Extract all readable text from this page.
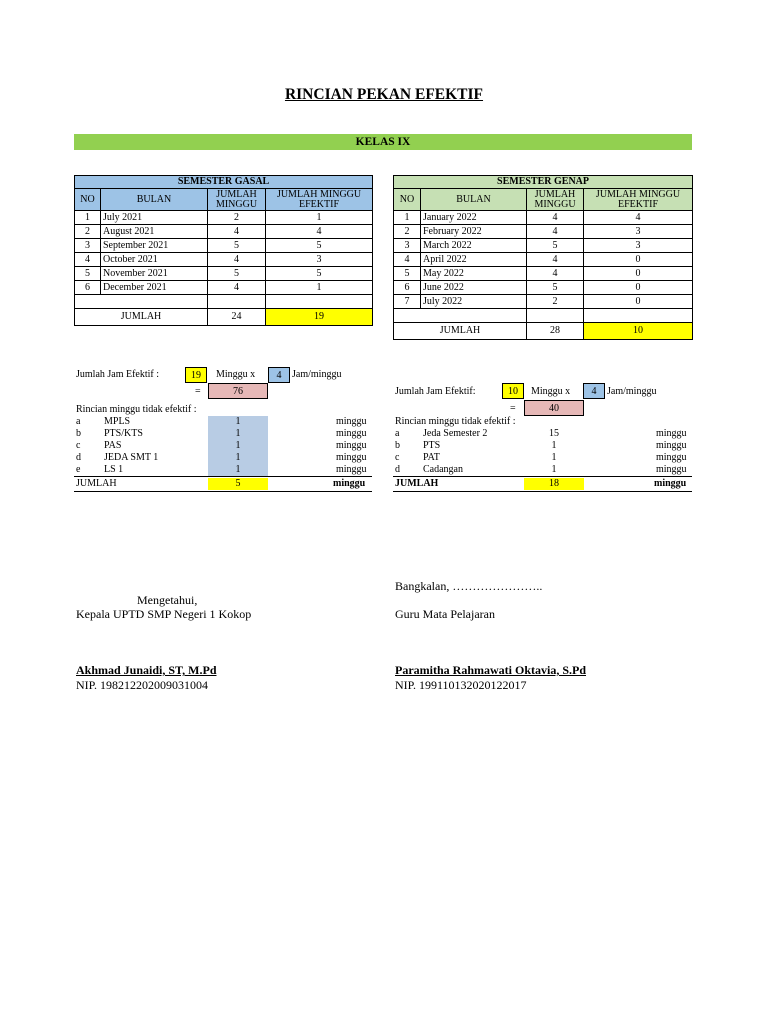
RINCIAN PEKAN EFEKTIF
KELAS IX
SEMESTER GASAL			
NO	BULAN	JUMLAH MINGGU	JUMLAH MINGGU EFEKTIF
1	July 2021	2	1
2	August 2021	4	4
3	September 2021	5	5
4	October 2021	4	3
5	November 2021	5	5
6	December 2021	4	1

JUMLAH		24	19
SEMESTER GENAP			
NO	BULAN	JUMLAH MINGGU	JUMLAH MINGGU EFEKTIF
1	January 2022	4	4
2	February 2022	4	3
3	March 2022	5	3
4	April 2022	4	0
5	May 2022	4	0
6	June 2022	5	0
7	July 2022	2	0

JUMLAH		28	10
Jumlah Jam Efektif :	19	Minggu x	4	Jam/minggu
=	76
Rincian minggu tidak efektif :
a MPLS	1	minggu
b PTS/KTS	1	minggu
c PAS	1	minggu
d JEDA SMT 1	1	minggu
e LS 1	1	minggu
JUMLAH	5	minggu
Jumlah Jam Efektif:	10	Minggu x	4	Jam/minggu
=	40
Rincian minggu tidak efektif :
a Jeda Semester 2	15	minggu
b PTS	1	minggu
c PAT	1	minggu
d Cadangan	1	minggu
JUMLAH	18	minggu
Mengetahui,
Kepala UPTD SMP Negeri 1 Kokop
Akhmad Junaidi, ST, M.Pd
NIP. 198212202009031004
Bangkalan, …………………..
Guru Mata Pelajaran
Paramitha Rahmawati Oktavia, S.Pd
NIP. 199110132020122017
